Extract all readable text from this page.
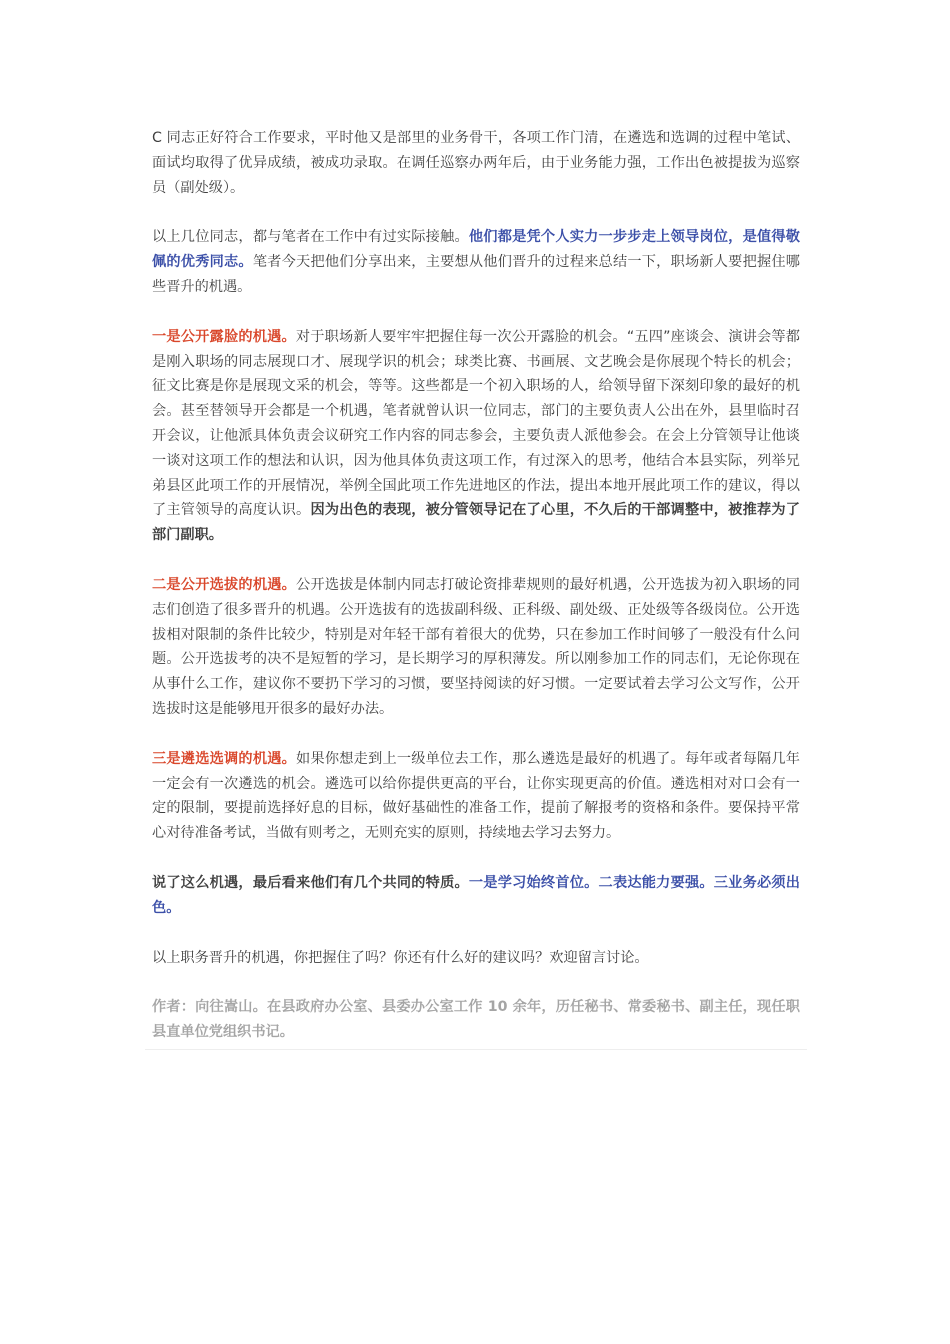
C 同志正好符合工作要求，平时他又是部里的业务骨干，各项工作门清，在遴选和选调的过程中笔试、面试均取得了优异成绩，被成功录取。在调任巡察办两年后，由于业务能力强，工作出色被提拔为巡察员（副处级）。

以上几位同志，都与笔者在工作中有过实际接触。他们都是凭个人实力一步步走上领导岗位，是值得敬佩的优秀同志。笔者今天把他们分享出来，主要想从他们晋升的过程来总结一下，职场新人要把握住哪些晋升的机遇。

一是公开露脸的机遇。对于职场新人要牢牢把握住每一次公开露脸的机会。“五四”座谈会、演讲会等都是刚入职场的同志展现口才、展现学识的机会；球类比赛、书画展、文艺晚会是你展现个特长的机会；征文比赛是你是展现文采的机会，等等。这些都是一个初入职场的人，给领导留下深刻印象的最好的机会。甚至替领导开会都是一个机遇，笔者就曾认识一位同志，部门的主要负责人公出在外，县里临时召开会议，让他派具体负责会议研究工作内容的同志参会，主要负责人派他参会。在会上分管领导让他谈一谈对这项工作的想法和认识，因为他具体负责这项工作，有过深入的思考，他结合本县实际，列举兄弟县区此项工作的开展情况，举例全国此项工作先进地区的作法，提出本地开展此项工作的建议，得以了主管领导的高度认识。因为出色的表现，被分管领导记在了心里，不久后的干部调整中，被推荐为了部门副职。

二是公开选拔的机遇。公开选拔是体制内同志打破论资排辈规则的最好机遇，公开选拔为初入职场的同志们创造了很多晋升的机遇。公开选拔有的选拔副科级、正科级、副处级、正处级等各级岗位。公开选拔相对限制的条件比较少，特别是对年轻干部有着很大的优势，只在参加工作时间够了一般没有什么问题。公开选拔考的决不是短暂的学习，是长期学习的厚积薄发。所以刚参加工作的同志们，无论你现在从事什么工作，建议你不要扔下学习的习惯，要坚持阅读的好习惯。一定要试着去学习公文写作，公开选拔时这是能够甩开很多的最好办法。

三是遴选选调的机遇。如果你想走到上一级单位去工作，那么遴选是最好的机遇了。每年或者每隔几年一定会有一次遴选的机会。遴选可以给你提供更高的平台，让你实现更高的价值。遴选相对对口会有一定的限制，要提前选择好息的目标，做好基础性的准备工作，提前了解报考的资格和条件。要保持平常心对待准备考试，当做有则考之，无则充实的原则，持续地去学习去努力。

说了这么机遇，最后看来他们有几个共同的特质。一是学习始终首位。二表达能力要强。三业务必须出色。

以上职务晋升的机遇，你把握住了吗？你还有什么好的建议吗？欢迎留言讨论。

作者：向往嵩山。在县政府办公室、县委办公室工作 10 余年，历任秘书、常委秘书、副主任，现任职县直单位党组织书记。
